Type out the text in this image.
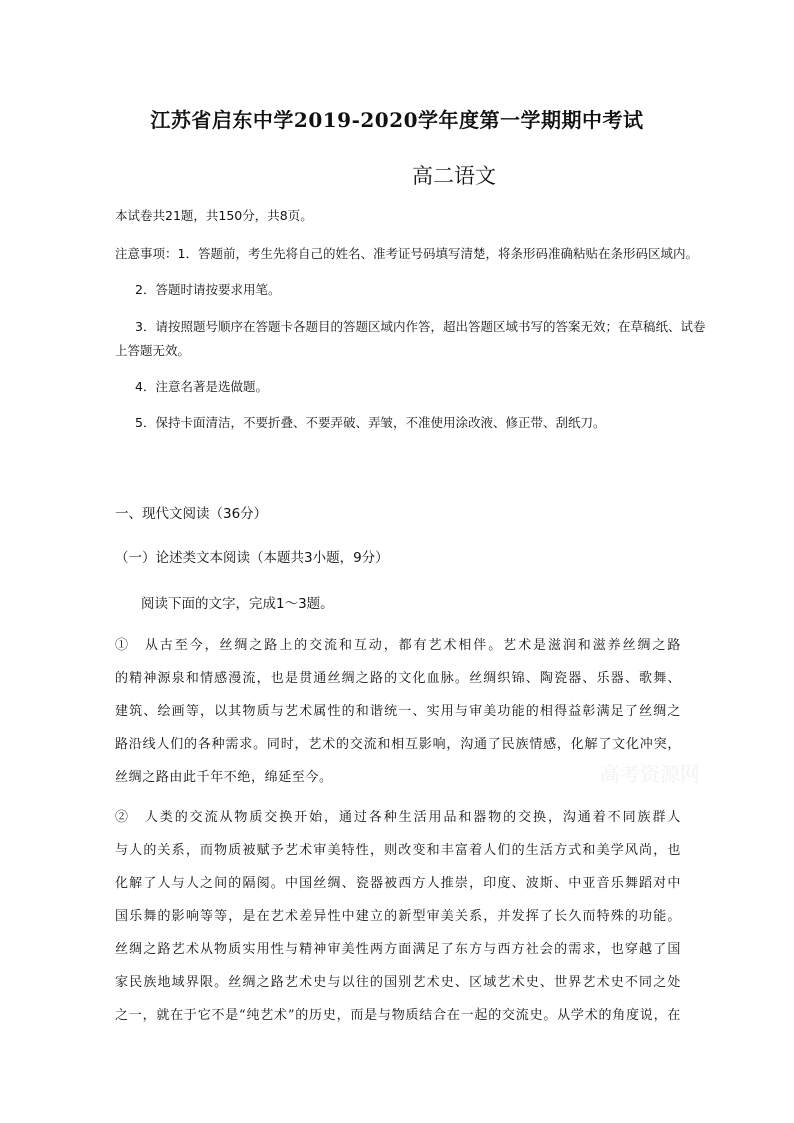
江苏省启东中学2019-2020学年度第一学期期中考试
高二语文
本试卷共21题，共150分，共8页。
注意事项：1．答题前，考生先将自己的姓名、准考证号码填写清楚，将条形码准确粘贴在条形码区域内。
2．答题时请按要求用笔。
3．请按照题号顺序在答题卡各题目的答题区域内作答，超出答题区域书写的答案无效；在草稿纸、试卷
上答题无效。
4．注意名著是选做题。
5．保持卡面清洁，不要折叠、不要弄破、弄皱，不准使用涂改液、修正带、刮纸刀。
一、现代文阅读（36分）
（一）论述类文本阅读（本题共3小题，9分）
阅读下面的文字，完成1～3题。
①　从古至今，丝绸之路上的交流和互动，都有艺术相伴。艺术是滋润和滋养丝绸之路
的精神源泉和情感漫流，也是贯通丝绸之路的文化血脉。丝绸织锦、陶瓷器、乐器、歌舞、
建筑、绘画等，以其物质与艺术属性的和谐统一、实用与审美功能的相得益彰满足了丝绸之
路沿线人们的各种需求。同时，艺术的交流和相互影响，沟通了民族情感，化解了文化冲突，
丝绸之路由此千年不绝，绵延至今。
②　人类的交流从物质交换开始，通过各种生活用品和器物的交换，沟通着不同族群人
与人的关系，而物质被赋予艺术审美特性，则改变和丰富着人们的生活方式和美学风尚，也
化解了人与人之间的隔阂。中国丝绸、瓷器被西方人推崇，印度、波斯、中亚音乐舞蹈对中
国乐舞的影响等等，是在艺术差异性中建立的新型审美关系，并发挥了长久而特殊的功能。
丝绸之路艺术从物质实用性与精神审美性两方面满足了东方与西方社会的需求，也穿越了国
家民族地域界限。丝绸之路艺术史与以往的国别艺术史、区域艺术史、世界艺术史不同之处
之一，就在于它不是“纯艺术”的历史，而是与物质结合在一起的交流史。从学术的角度说，在
高考资源网
